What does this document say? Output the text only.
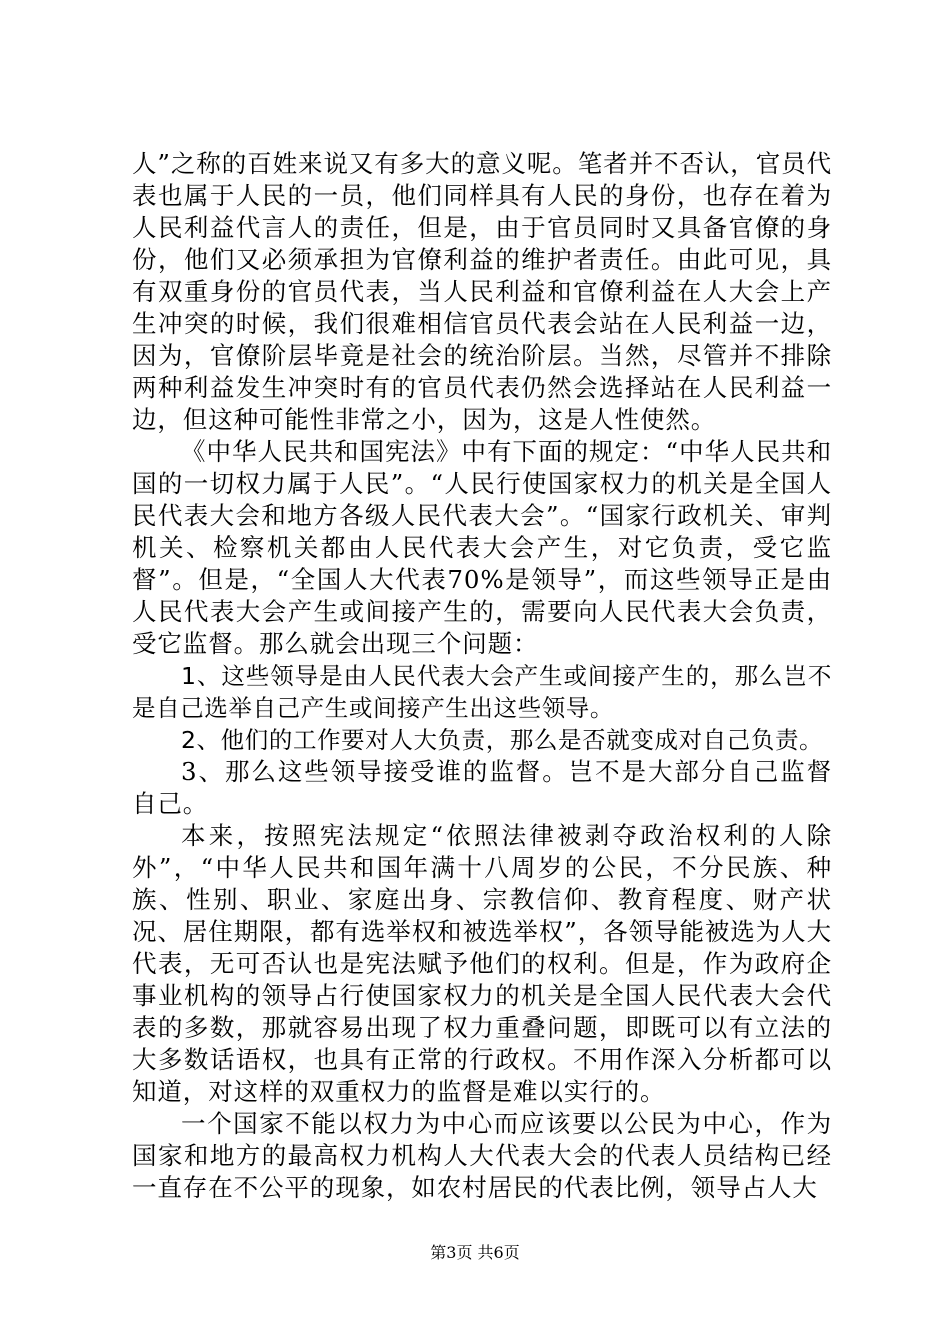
人”之称的百姓来说又有多大的意义呢。笔者并不否认，官员代表也属于人民的一员，他们同样具有人民的身份，也存在着为人民利益代言人的责任，但是，由于官员同时又具备官僚的身份，他们又必须承担为官僚利益的维护者责任。由此可见，具有双重身份的官员代表，当人民利益和官僚利益在人大会上产生冲突的时候，我们很难相信官员代表会站在人民利益一边，因为，官僚阶层毕竟是社会的统治阶层。当然，尽管并不排除两种利益发生冲突时有的官员代表仍然会选择站在人民利益一边，但这种可能性非常之小，因为，这是人性使然。

《中华人民共和国宪法》中有下面的规定：“中华人民共和国的一切权力属于人民”。“人民行使国家权力的机关是全国人民代表大会和地方各级人民代表大会”。“国家行政机关、审判机关、检察机关都由人民代表大会产生，对它负责，受它监督”。但是，“全国人大代表70%是领导”，而这些领导正是由人民代表大会产生或间接产生的，需要向人民代表大会负责，受它监督。那么就会出现三个问题：

1、这些领导是由人民代表大会产生或间接产生的，那么岂不是自己选举自己产生或间接产生出这些领导。

2、他们的工作要对人大负责，那么是否就变成对自己负责。

3、那么这些领导接受谁的监督。岂不是大部分自己监督自己。

本来，按照宪法规定“依照法律被剥夺政治权利的人除外”，“中华人民共和国年满十八周岁的公民，不分民族、种族、性别、职业、家庭出身、宗教信仰、教育程度、财产状况、居住期限，都有选举权和被选举权”，各领导能被选为人大代表，无可否认也是宪法赋予他们的权利。但是，作为政府企事业机构的领导占行使国家权力的机关是全国人民代表大会代表的多数，那就容易出现了权力重叠问题，即既可以有立法的大多数话语权，也具有正常的行政权。不用作深入分析都可以知道，对这样的双重权力的监督是难以实行的。

一个国家不能以权力为中心而应该要以公民为中心，作为国家和地方的最高权力机构人大代表大会的代表人员结构已经一直存在不公平的现象，如农村居民的代表比例，领导占人大

第3页 共6页
